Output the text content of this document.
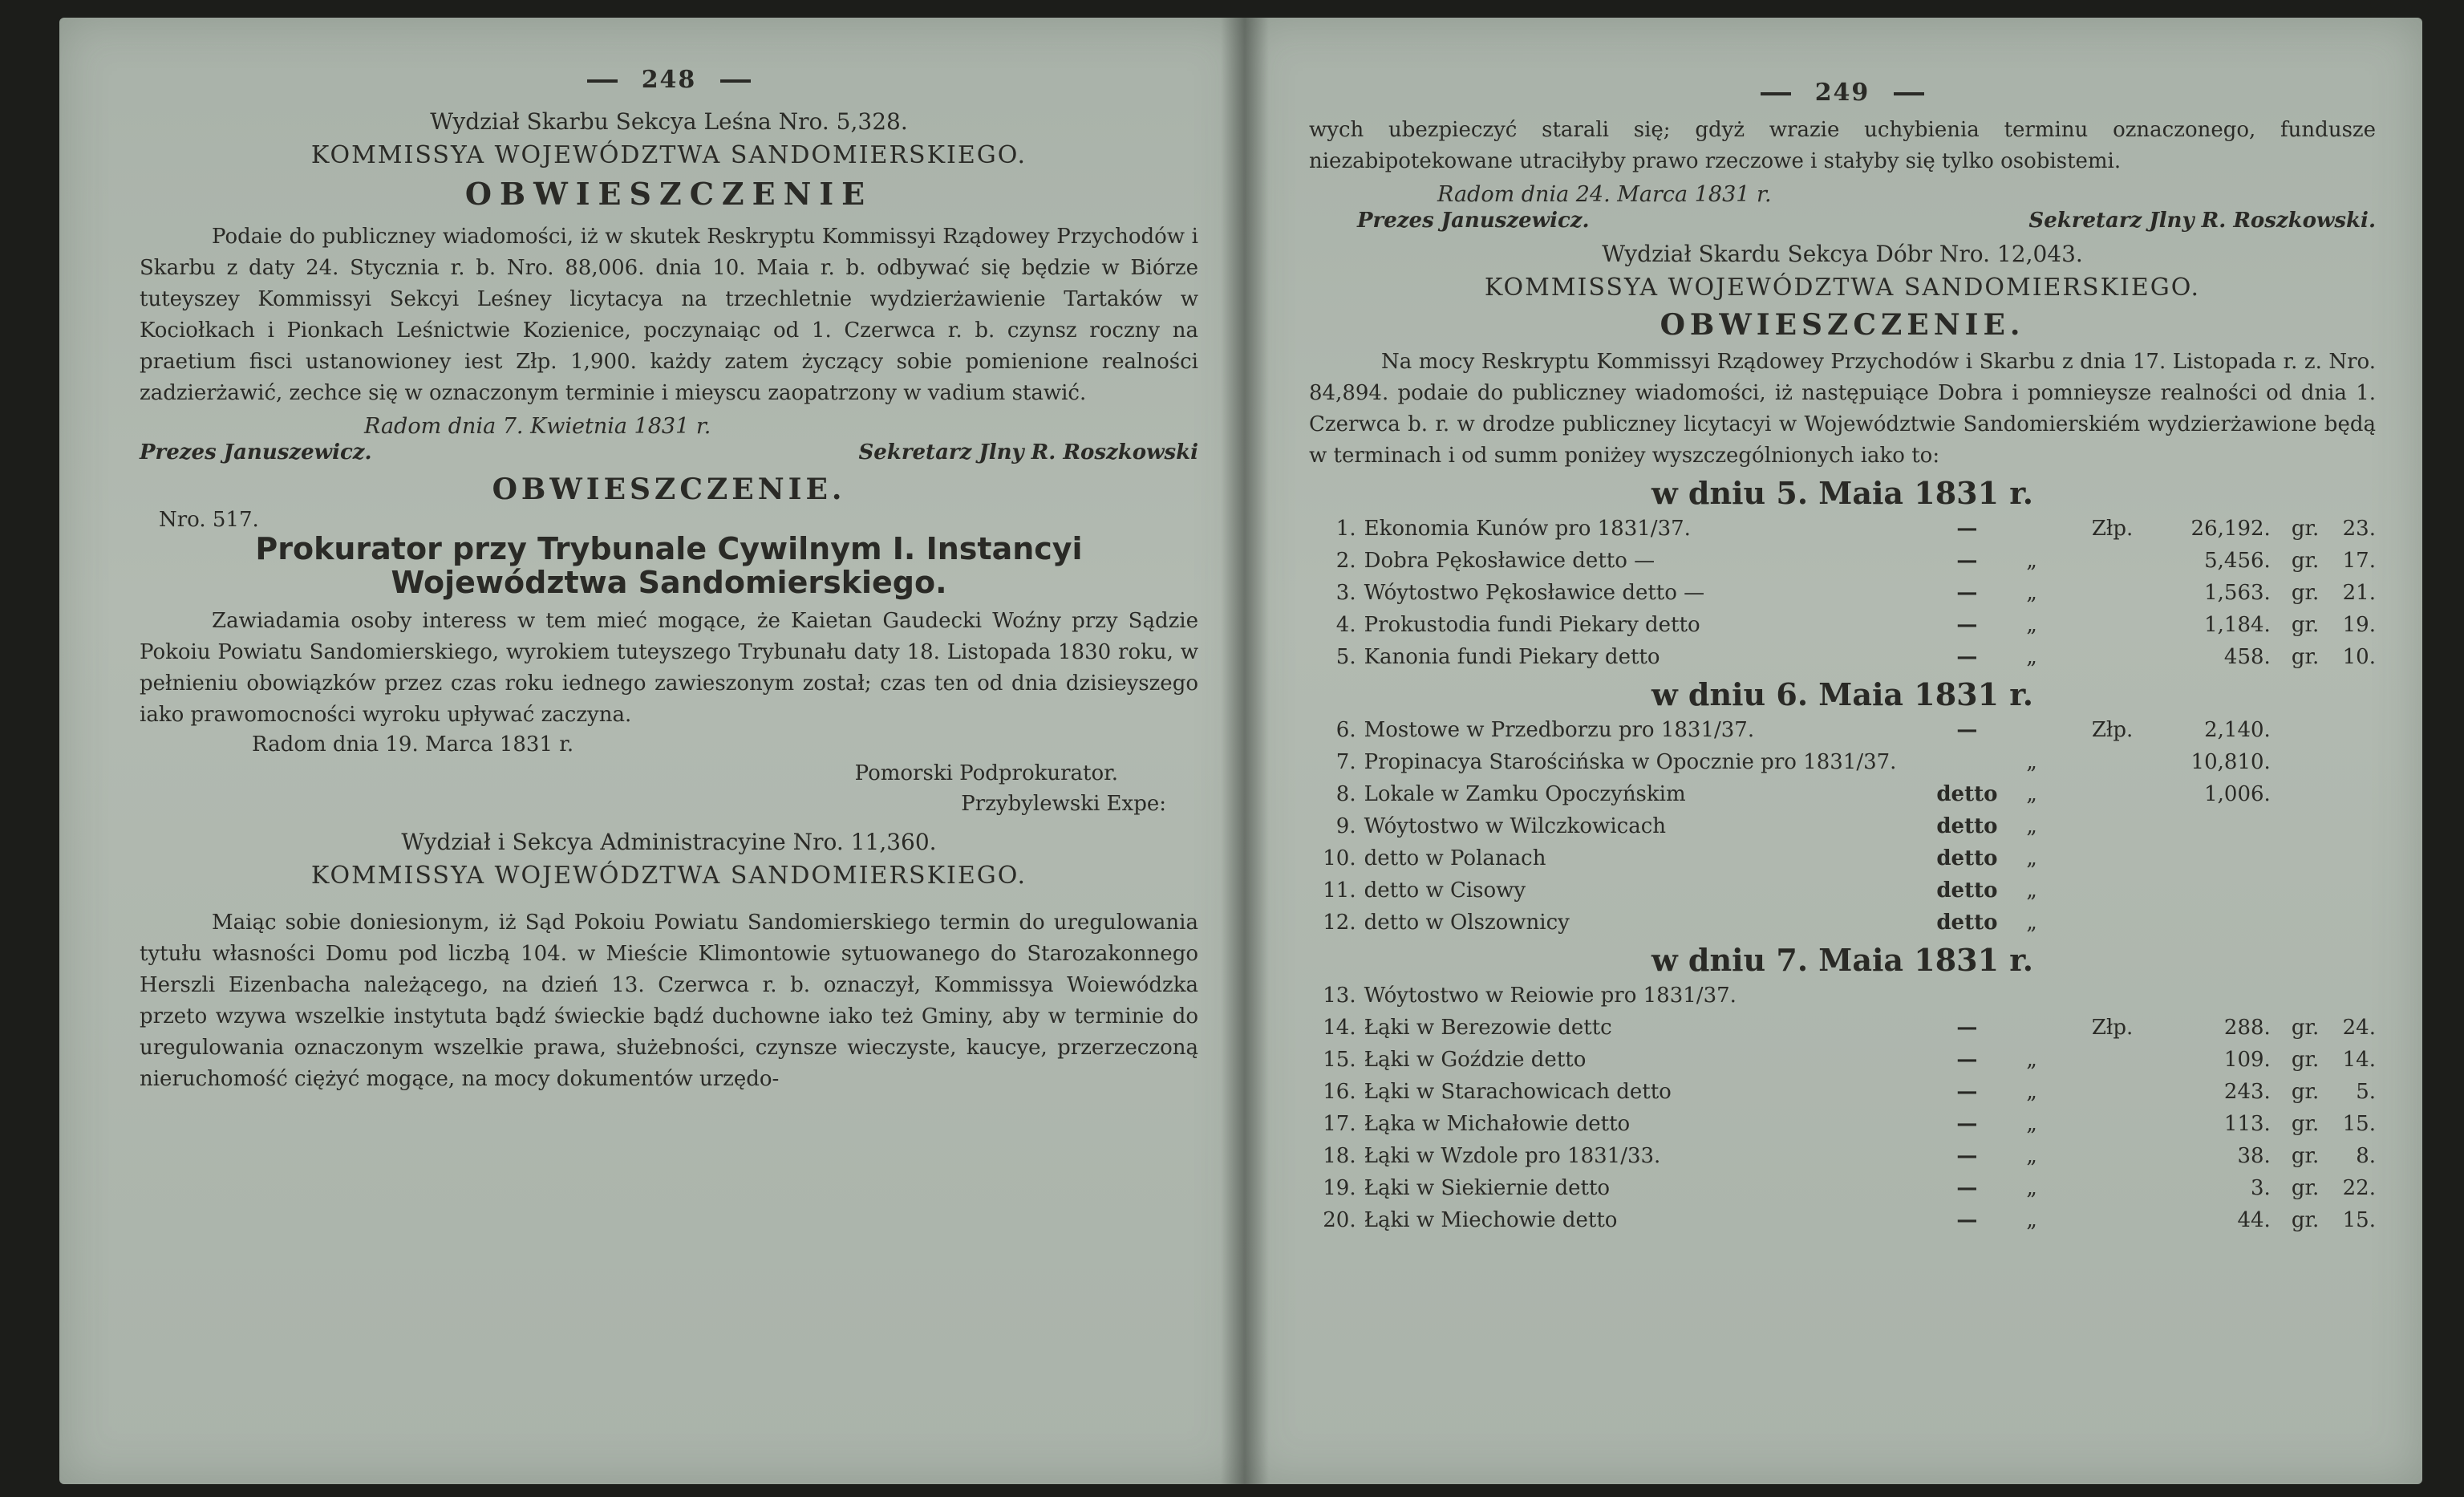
248
Wydział Skarbu Sekcya Leśna Nro. 5,328.
KOMMISSYA WOJEWÓDZTWA SANDOMIERSKIEGO.
OBWIESZCZENIE

Podaie do publiczney wiadomości, iż w skutek Reskryptu Kommissyi Rządowey Przychodów i Skarbu z daty 24. Stycznia r. b. Nro. 88,006. dnia 10. Maia r. b. odbywać się będzie w Biórze tuteyszey Kommissyi Sekcyi Leśney licytacya na trzechletnie wydzierżawienie Tartaków w Kociołkach i Pionkach Leśnictwie Kozienice, poczynaiąc od 1. Czerwca r. b. czynsz roczny na praetium fisci ustanowioney iest Złp. 1,900. każdy zatem życzący sobie pomienione realności zadzierżawić, zechce się w oznaczonym terminie i mieyscu zaopatrzony w vadium stawić.

Radom dnia 7. Kwietnia 1831 r.
Prezes Januszewicz.	Sekretarz Jlny R. Roszkowski
OBWIESZCZENIE.
Nro. 517.
Prokurator przy Trybunale Cywilnym I. Instancyi
Województwa Sandomierskiego.

Zawiadamia osoby interess w tem mieć mogące, że Kaietan Gaudecki Woźny przy Sądzie Pokoiu Powiatu Sandomierskiego, wyrokiem tuteyszego Trybunału daty 18. Listopada 1830 roku, w pełnieniu obowiązków przez czas roku iednego zawieszonym został; czas ten od dnia dzisieyszego iako prawomocności wyroku upływać zaczyna.

Radom dnia 19. Marca 1831 r.
Pomorski Podprokurator.
Przybylewski Expe:
Wydział i Sekcya Administracyine Nro. 11,360.
KOMMISSYA WOJEWÓDZTWA SANDOMIERSKIEGO.

Maiąc sobie doniesionym, iż Sąd Pokoiu Powiatu Sandomierskiego termin do uregulowania tytułu własności Domu pod liczbą 104. w Mieście Klimontowie sytuowanego do Starozakonnego Herszli Eizenbacha należącego, na dzień 13. Czerwca r. b. oznaczył, Kommissya Woiewódzka przeto wzywa wszelkie instytuta bądź świeckie bądź duchowne iako też Gminy, aby w terminie do uregulowania oznaczonym wszelkie prawa, służebności, czynsze wieczyste, kaucye, przerzeczoną nieruchomość ciężyć mogące, na mocy dokumentów urzędo-

249

wych ubezpieczyć starali się; gdyż wrazie uchybienia terminu oznaczonego, fundusze niezabipotekowane utraciłyby prawo rzeczowe i stałyby się tylko osobistemi.

Radom dnia 24. Marca 1831 r.
Prezes Januszewicz.	Sekretarz Jlny R. Roszkowski.
Wydział Skardu Sekcya Dóbr Nro. 12,043.
KOMMISSYA WOJEWÓDZTWA SANDOMIERSKIEGO.
OBWIESZCZENIE.

Na mocy Reskryptu Kommissyi Rządowey Przychodów i Skarbu z dnia 17. Listopada r. z. Nro. 84,894. podaie do publiczney wiadomości, iż następuiące Dobra i pomnieysze realności od dnia 1. Czerwca b. r. w drodze publiczney licytacyi w Województwie Sandomierskiém wydzierżawione będą w terminach i od summ poniżey wyszczególnionych iako to:

w dniu 5. Maia 1831 r.
1.	Ekonomia Kunów pro 1831/37.	—		Złp.	26,192.	gr.	23.
2.	Dobra Pękosławice detto —	—	„		5,456.	gr.	17.
3.	Wóytostwo Pękosławice detto —	—	„		1,563.	gr.	21.
4.	Prokustodia fundi Piekary detto	—	„		1,184.	gr.	19.
5.	Kanonia fundi Piekary detto	—	„		458.	gr.	10.
w dniu 6. Maia 1831 r.
6.	Mostowe w Przedborzu pro 1831/37.	—		Złp.	2,140.		
7.	Propinacya Starościńska w Opocznie pro 1831/37.		„		10,810.		
8.	Lokale w Zamku Opoczyńskim	detto	„		1,006.		
9.	Wóytostwo w Wilczkowicach	detto	„				
10.	detto w Polanach	detto	„				
11.	detto w Cisowy	detto	„				
12.	detto w Olszownicy	detto	„				
w dniu 7. Maia 1831 r.
13.	Wóytostwo w Reiowie pro 1831/37.						
14.	Łąki w Berezowie dettc	—		Złp.	288.	gr.	24.
15.	Łąki w Goździe detto	—	„		109.	gr.	14.
16.	Łąki w Starachowicach detto	—	„		243.	gr.	5.
17.	Łąka w Michałowie detto	—	„		113.	gr.	15.
18.	Łąki w Wzdole pro 1831/33.	—	„		38.	gr.	8.
19.	Łąki w Siekiernie detto	—	„		3.	gr.	22.
20.	Łąki w Miechowie detto	—	„		44.	gr.	15.
